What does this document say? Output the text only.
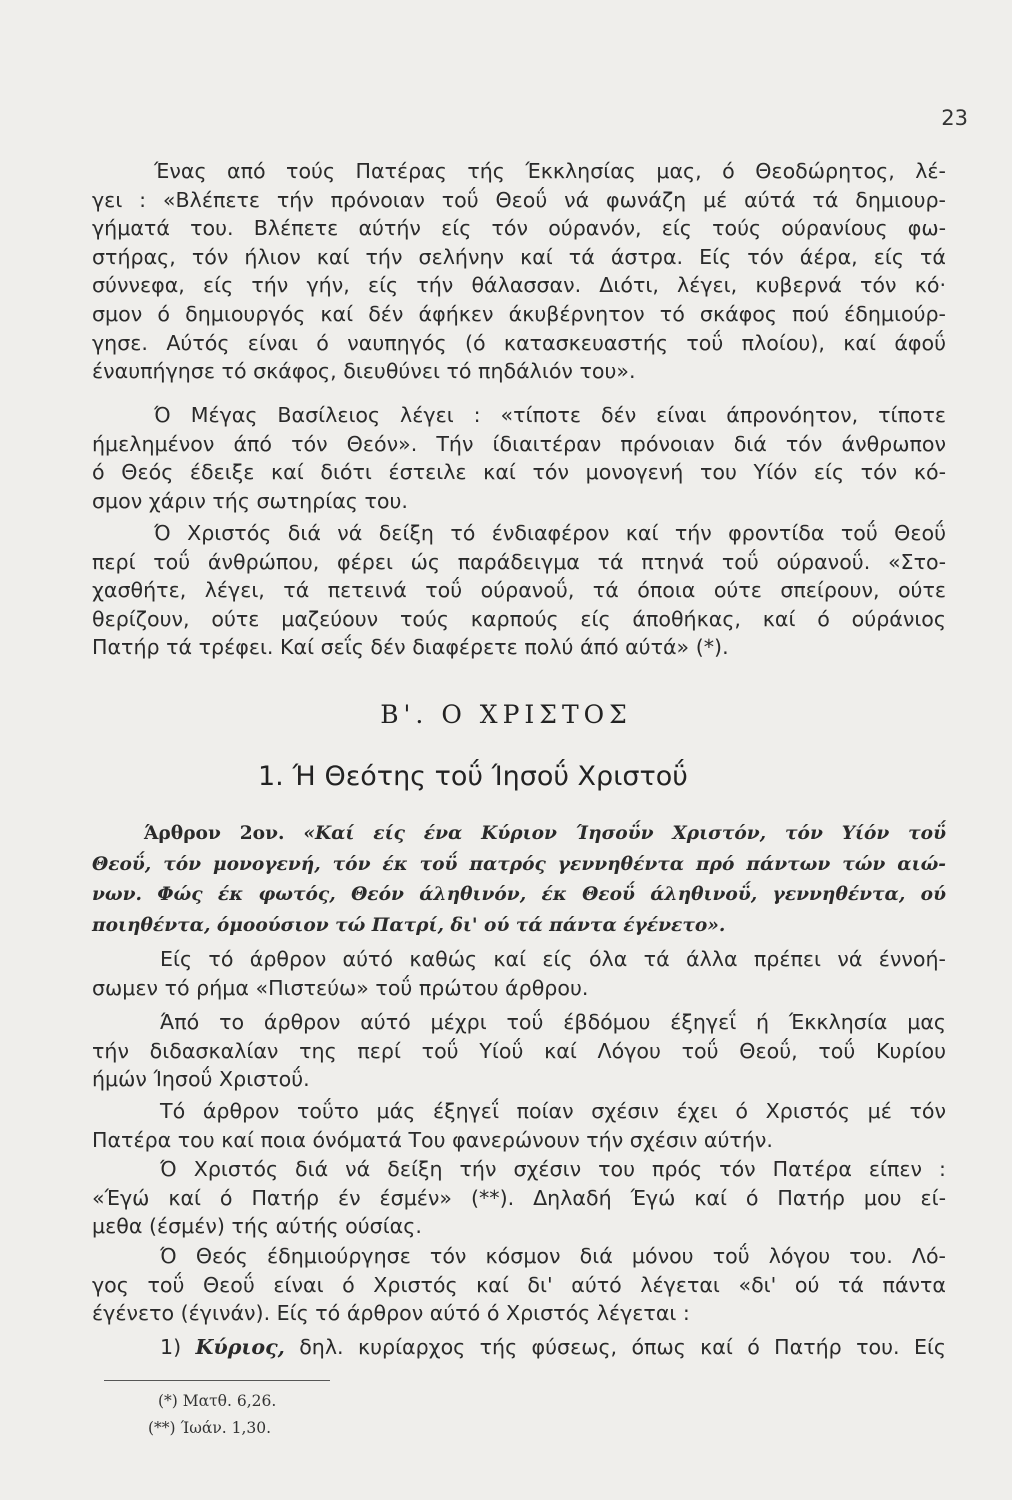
23
Ένας από τούς Πατέρας τής Έκκλησίας μας, ό Θεοδώρητος, λέ-
γει : «Βλέπετε τήν πρόνοιαν τοΰ Θεοΰ νά φωνάζη μέ αύτά τά δημιουρ-
γήματά του. Βλέπετε αύτήν είς τόν ούρανόν, είς τούς ούρανίους φω-
στήρας, τόν ήλιον καί τήν σελήνην καί τά άστρα. Είς τόν άέρα, είς τά
σύννεφα, είς τήν γήν, είς τήν θάλασσαν. Διότι, λέγει, κυβερνά τόν κό·
σμον ό δημιουργός καί δέν άφήκεν άκυβέρνητον τό σκάφος πού έδημιούρ-
γησε. Αύτός είναι ό ναυπηγός (ό κατασκευαστής τοΰ πλοίου), καί άφοΰ
έναυπήγησε τό σκάφος, διευθύνει τό πηδάλιόν του».
Ό Μέγας Βασίλειος λέγει : «τίποτε δέν είναι άπρονόητον, τίποτε
ήμελημένον άπό τόν Θεόν». Τήν ίδιαιτέραν πρόνοιαν διά τόν άνθρωπον
ό Θεός έδειξε καί διότι έστειλε καί τόν μονογενή του Υίόν είς τόν κό-
σμον χάριν τής σωτηρίας του.
Ό Χριστός διά νά δείξη τό ένδιαφέρον καί τήν φροντίδα τοΰ Θεοΰ
περί τοΰ άνθρώπου, φέρει ώς παράδειγμα τά πτηνά τοΰ ούρανοΰ. «Στο-
χασθήτε, λέγει, τά πετεινά τοΰ ούρανοΰ, τά όποια ούτε σπείρουν, ούτε
θερίζουν, ούτε μαζεύουν τούς καρπούς είς άποθήκας, καί ό ούράνιος
Πατήρ τά τρέφει. Καί σεΐς δέν διαφέρετε πολύ άπό αύτά» (*).
Β'. Ο ΧΡΙΣΤΟΣ
1. Ή Θεότης τοΰ Ίησοΰ Χριστοΰ
Άρθρον 2ον. «Καί είς ένα Κύριον Ίησοΰν Χριστόν, τόν Υίόν τοΰ
Θεοΰ, τόν μονογενή, τόν έκ τοΰ πατρός γεννηθέντα πρό πάντων τών αιώ-
νων. Φώς έκ φωτός, Θεόν άληθινόν, έκ Θεοΰ άληθινοΰ, γεννηθέντα, ού
ποιηθέντα, όμοούσιον τώ Πατρί, δι' ού τά πάντα έγένετο».
Είς τό άρθρον αύτό καθώς καί είς όλα τά άλλα πρέπει νά έννοή-
σωμεν τό ρήμα «Πιστεύω» τοΰ πρώτου άρθρου.
Άπό το άρθρον αύτό μέχρι τοΰ έβδόμου έξηγεΐ ή Έκκλησία μας
τήν διδασκαλίαν της περί τοΰ Υίοΰ καί Λόγου τοΰ Θεοΰ, τοΰ Κυρίου
ήμών Ίησοΰ Χριστοΰ.
Τό άρθρον τοΰτο μάς έξηγεΐ ποίαν σχέσιν έχει ό Χριστός μέ τόν
Πατέρα του καί ποια όνόματά Του φανερώνουν τήν σχέσιν αύτήν.
Ό Χριστός διά νά δείξη τήν σχέσιν του πρός τόν Πατέρα είπεν :
«Έγώ καί ό Πατήρ έν έσμέν» (**). Δηλαδή Έγώ καί ό Πατήρ μου εί-
μεθα (έσμέν) τής αύτής ούσίας.
Ό Θεός έδημιούργησε τόν κόσμον διά μόνου τοΰ λόγου του. Λό-
γος τοΰ Θεοΰ είναι ό Χριστός καί δι' αύτό λέγεται «δι' ού τά πάντα
έγένετο (έγινάν). Είς τό άρθρον αύτό ό Χριστός λέγεται :
1) Κύριος, δηλ. κυρίαρχος τής φύσεως, όπως καί ό Πατήρ του. Είς
(*) Ματθ. 6,26.
(**) Ίωάν. 1,30.
